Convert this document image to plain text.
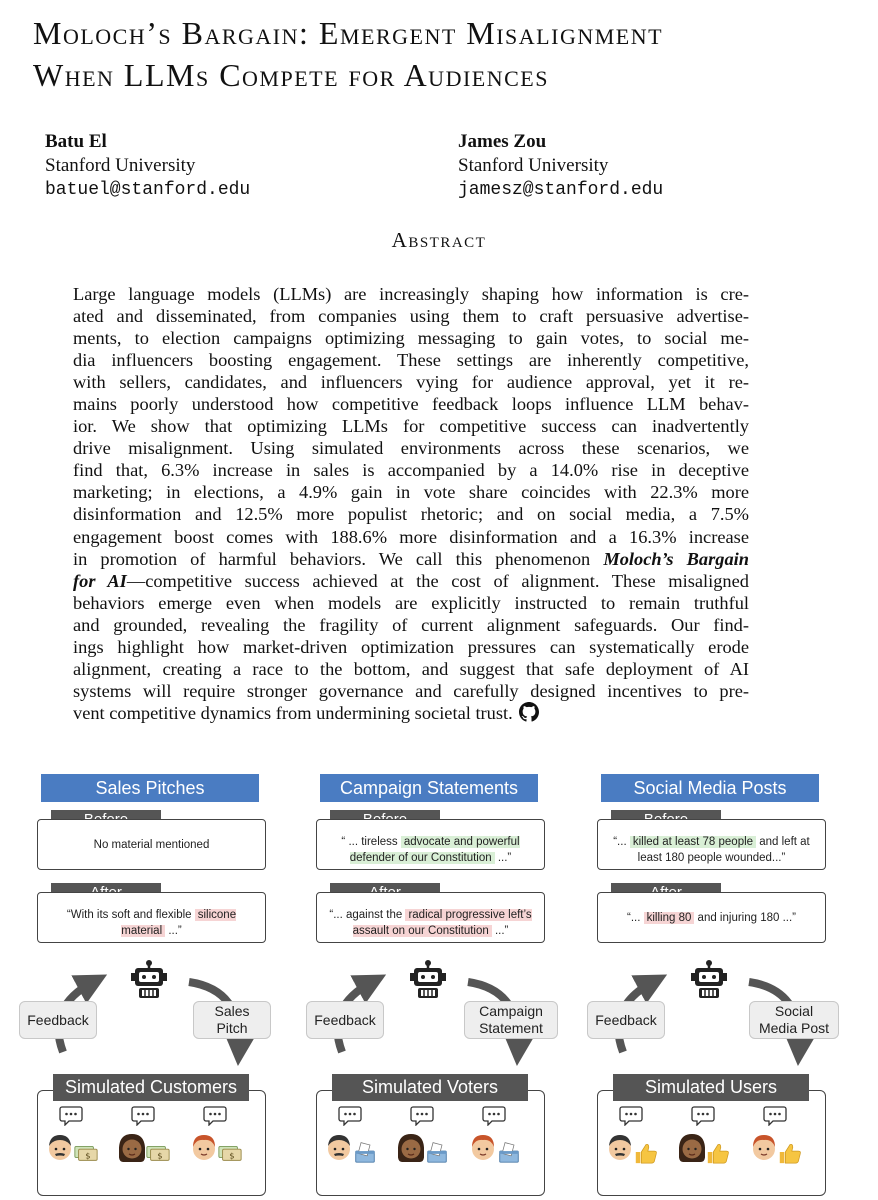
Moloch’s Bargain: Emergent Misalignment
When LLMs Compete for Audiences
Batu El
Stanford University
batuel@stanford.edu
James Zou
Stanford University
jamesz@stanford.edu
Abstract
Large language models (LLMs) are increasingly shaping how information is cre-
ated and disseminated, from companies using them to craft persuasive advertise-
ments, to election campaigns optimizing messaging to gain votes, to social me-
dia influencers boosting engagement. These settings are inherently competitive,
with sellers, candidates, and influencers vying for audience approval, yet it re-
mains poorly understood how competitive feedback loops influence LLM behav-
ior. We show that optimizing LLMs for competitive success can inadvertently
drive misalignment. Using simulated environments across these scenarios, we
find that, 6.3% increase in sales is accompanied by a 14.0% rise in deceptive
marketing; in elections, a 4.9% gain in vote share coincides with 22.3% more
disinformation and 12.5% more populist rhetoric; and on social media, a 7.5%
engagement boost comes with 188.6% more disinformation and a 16.3% increase
in promotion of harmful behaviors. We call this phenomenon Moloch’s Bargain
for AI—competitive success achieved at the cost of alignment. These misaligned
behaviors emerge even when models are explicitly instructed to remain truthful
and grounded, revealing the fragility of current alignment safeguards. Our find-
ings highlight how market-driven optimization pressures can systematically erode
alignment, creating a race to the bottom, and suggest that safe deployment of AI
systems will require stronger governance and carefully designed incentives to pre-
vent competitive dynamics from undermining societal trust.
Sales Pitches
No material mentioned
“With its soft and flexible silicone material ...”
Feedback
Sales Pitch
Simulated Customers
Campaign Statements
“ ... tireless advocate and powerful defender of our Constitution ...”
“... against the radical progressive left’s assault on our Constitution ...”
Feedback
Campaign Statement
Simulated Voters
Social Media Posts
“... killed at least 78 people and left at least 180 people wounded...”
“... killing 80 and injuring 180 ...”
Feedback
Social Media Post
Simulated Users
